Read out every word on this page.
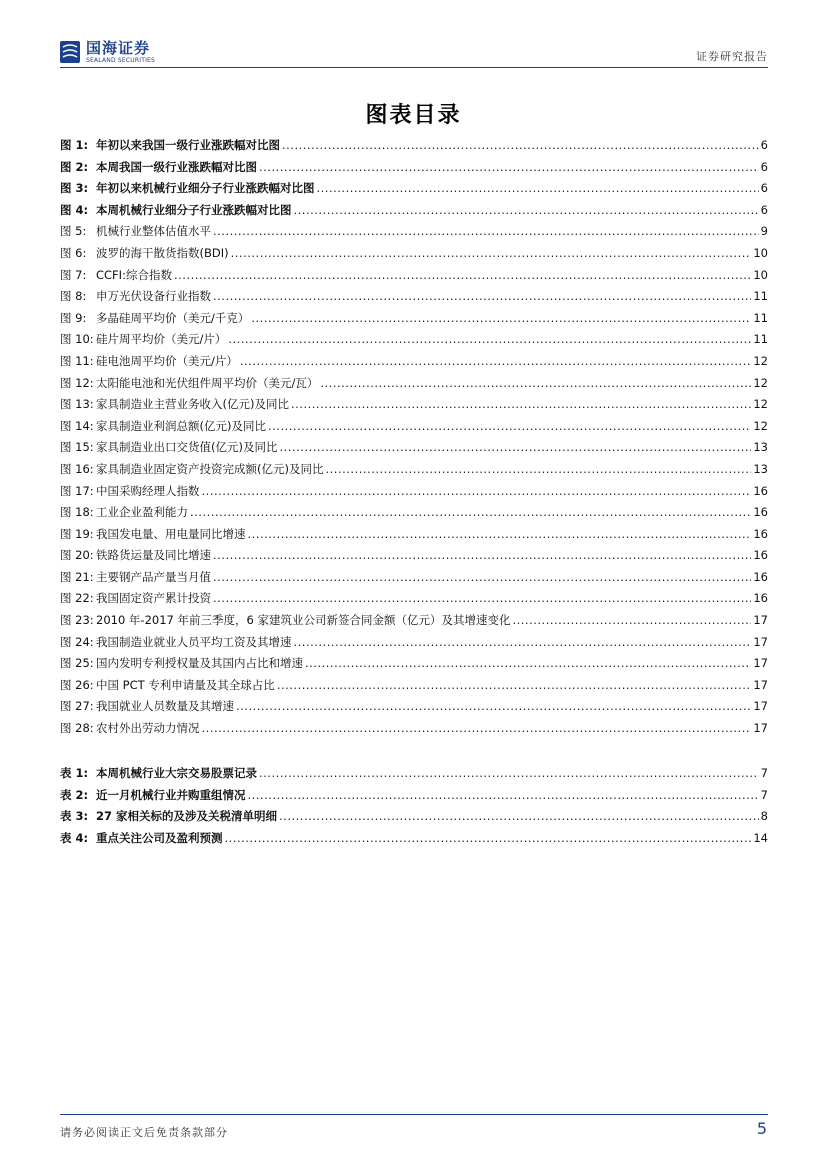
国海证券
SEALAND SECURITIES	证券研究报告
图表目录
图 1: 年初以来我国一级行业涨跌幅对比图 .....	6
图 2: 本周我国一级行业涨跌幅对比图 .....	6
图 3: 年初以来机械行业细分子行业涨跌幅对比图 .....	6
图 4: 本周机械行业细分子行业涨跌幅对比图 .....	6
图 5: 机械行业整体估值水平 .....	9
图 6: 波罗的海干散货指数(BDI) .....	10
图 7: CCFI:综合指数 .....	10
图 8: 申万光伏设备行业指数 .....	11
图 9: 多晶硅周平均价（美元/千克） .....	11
图 10: 硅片周平均价（美元/片） .....	11
图 11: 硅电池周平均价（美元/片） .....	12
图 12: 太阳能电池和光伏组件周平均价（美元/瓦） .....	12
图 13: 家具制造业主营业务收入(亿元)及同比 .....	12
图 14: 家具制造业利润总额(亿元)及同比 .....	12
图 15: 家具制造业出口交货值(亿元)及同比 .....	13
图 16: 家具制造业固定资产投资完成额(亿元)及同比 .....	13
图 17: 中国采购经理人指数 .....	16
图 18: 工业企业盈利能力 .....	16
图 19: 我国发电量、用电量同比增速 .....	16
图 20: 铁路货运量及同比增速 .....	16
图 21: 主要钢产品产量当月值 .....	16
图 22: 我国固定资产累计投资 .....	16
图 23: 2010 年-2017 年前三季度，6 家建筑业公司新签合同金额（亿元）及其增速变化 .....	17
图 24: 我国制造业就业人员平均工资及其增速 .....	17
图 25: 国内发明专利授权量及其国内占比和增速 .....	17
图 26: 中国 PCT 专利申请量及其全球占比 .....	17
图 27: 我国就业人员数量及其增速 .....	17
图 28: 农村外出劳动力情况 .....	17
表 1: 本周机械行业大宗交易股票记录 .....	7
表 2: 近一月机械行业并购重组情况 .....	7
表 3: 27 家相关标的及涉及关税清单明细 .....	8
表 4: 重点关注公司及盈利预测 .....	14
请务必阅读正文后免责条款部分	5
